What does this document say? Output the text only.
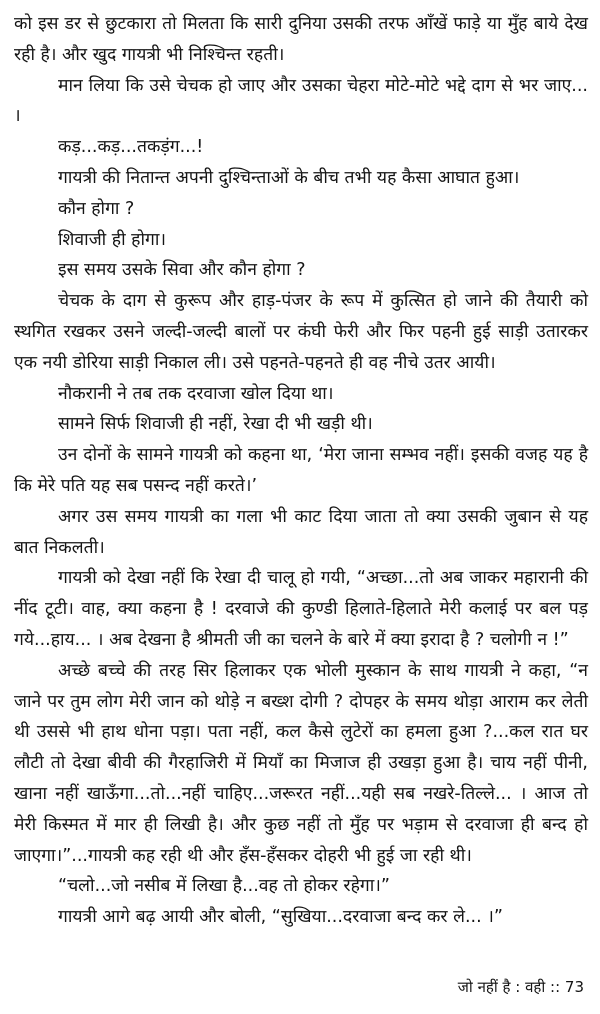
को इस डर से छुटकारा तो मिलता कि सारी दुनिया उसकी तरफ आँखें फाड़े या मुँह बाये देख रही है। और खुद गायत्री भी निश्चिन्त रहती।

मान लिया कि उसे चेचक हो जाए और उसका चेहरा मोटे-मोटे भद्दे दाग से भर जाए... ।

कड़...कड़...तकड़ंग...!

गायत्री की नितान्त अपनी दुश्चिन्ताओं के बीच तभी यह कैसा आघात हुआ।

कौन होगा ?

शिवाजी ही होगा।

इस समय उसके सिवा और कौन होगा ?

चेचक के दाग से कुरूप और हाड़-पंजर के रूप में कुत्सित हो जाने की तैयारी को स्थगित रखकर उसने जल्दी-जल्दी बालों पर कंघी फेरी और फिर पहनी हुई साड़ी उतारकर एक नयी डोरिया साड़ी निकाल ली। उसे पहनते-पहनते ही वह नीचे उतर आयी।

नौकरानी ने तब तक दरवाजा खोल दिया था।

सामने सिर्फ शिवाजी ही नहीं, रेखा दी भी खड़ी थी।

उन दोनों के सामने गायत्री को कहना था, ‘मेरा जाना सम्भव नहीं। इसकी वजह यह है कि मेरे पति यह सब पसन्द नहीं करते।’

अगर उस समय गायत्री का गला भी काट दिया जाता तो क्या उसकी जुबान से यह बात निकलती।

गायत्री को देखा नहीं कि रेखा दी चालू हो गयी, “अच्छा...तो अब जाकर महारानी की नींद टूटी। वाह, क्या कहना है ! दरवाजे की कुण्डी हिलाते-हिलाते मेरी कलाई पर बल पड़ गये...हाय... । अब देखना है श्रीमती जी का चलने के बारे में क्या इरादा है ? चलोगी न !”

अच्छे बच्चे की तरह सिर हिलाकर एक भोली मुस्कान के साथ गायत्री ने कहा, “न जाने पर तुम लोग मेरी जान को थोड़े न बख्श दोगी ? दोपहर के समय थोड़ा आराम कर लेती थी उससे भी हाथ धोना पड़ा। पता नहीं, कल कैसे लुटेरों का हमला हुआ ?...कल रात घर लौटी तो देखा बीवी की गैरहाजिरी में मियाँ का मिजाज ही उखड़ा हुआ है। चाय नहीं पीनी, खाना नहीं खाऊँगा...तो...नहीं चाहिए...जरूरत नहीं...यही सब नखरे-तिल्ले... । आज तो मेरी किस्मत में मार ही लिखी है। और कुछ नहीं तो मुँह पर भड़ाम से दरवाजा ही बन्द हो जाएगा।”...गायत्री कह रही थी और हँस-हँसकर दोहरी भी हुई जा रही थी।

“चलो...जो नसीब में लिखा है...वह तो होकर रहेगा।”

गायत्री आगे बढ़ आयी और बोली, “सुखिया...दरवाजा बन्द कर ले... ।”

जो नहीं है : वही :: 73
